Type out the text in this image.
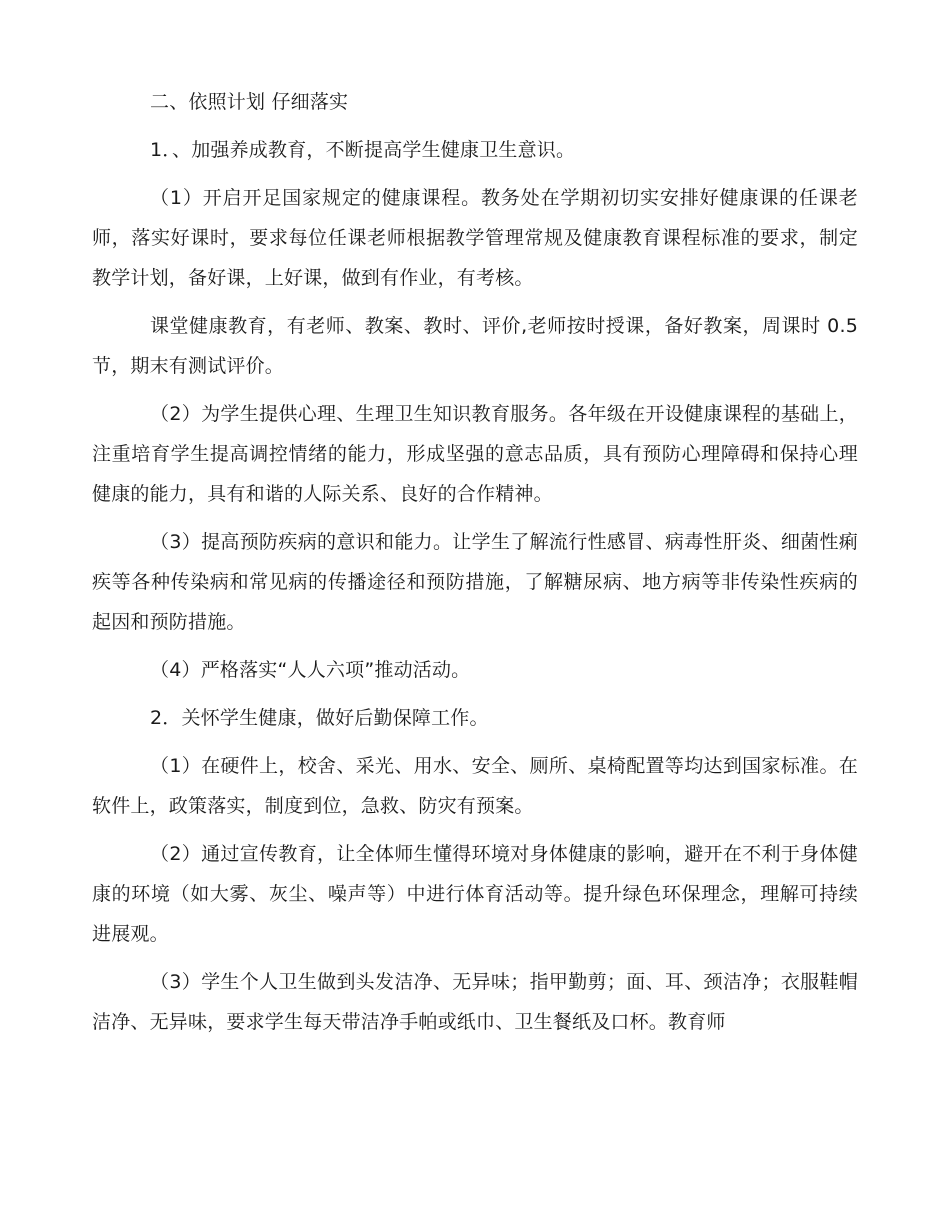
二、依照计划 仔细落实

1．、加强养成教育，不断提高学生健康卫生意识。

（1）开启开足国家规定的健康课程。教务处在学期初切实安排好健康课的任课老师，落实好课时，要求每位任课老师根据教学管理常规及健康教育课程标准的要求，制定教学计划，备好课，上好课，做到有作业，有考核。

课堂健康教育，有老师、教案、教时、评价,老师按时授课，备好教案，周课时 0.5 节，期末有测试评价。

（2）为学生提供心理、生理卫生知识教育服务。各年级在开设健康课程的基础上，注重培育学生提高调控情绪的能力，形成坚强的意志品质，具有预防心理障碍和保持心理健康的能力，具有和谐的人际关系、良好的合作精神。

（3）提高预防疾病的意识和能力。让学生了解流行性感冒、病毒性肝炎、细菌性痢疾等各种传染病和常见病的传播途径和预防措施，了解糖尿病、地方病等非传染性疾病的起因和预防措施。

（4）严格落实“人人六项”推动活动。

2．关怀学生健康，做好后勤保障工作。

（1）在硬件上，校舍、采光、用水、安全、厕所、桌椅配置等均达到国家标准。在软件上，政策落实，制度到位，急救、防灾有预案。

（2）通过宣传教育，让全体师生懂得环境对身体健康的影响，避开在不利于身体健康的环境（如大雾、灰尘、噪声等）中进行体育活动等。提升绿色环保理念，理解可持续进展观。

（3）学生个人卫生做到头发洁净、无异味；指甲勤剪；面、耳、颈洁净；衣服鞋帽洁净、无异味，要求学生每天带洁净手帕或纸巾、卫生餐纸及口杯。教育师
